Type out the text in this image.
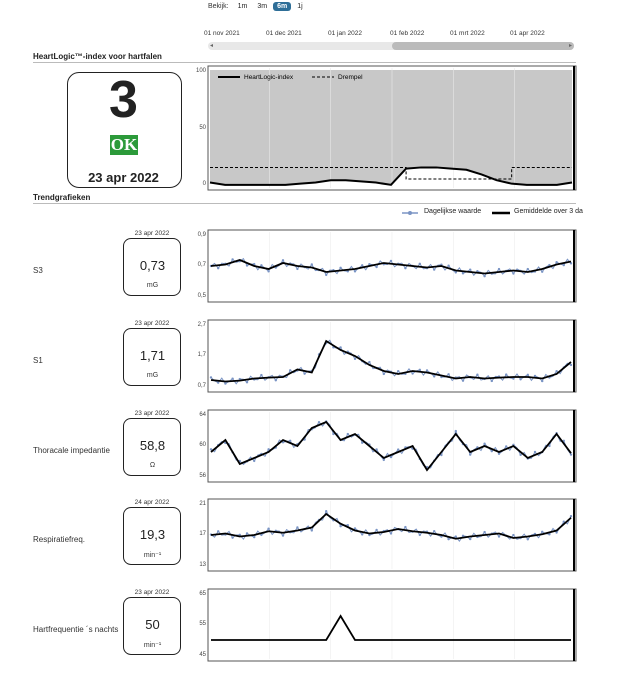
Bekijk:	1m	3m	6m	1j
01 nov 2021	01 dec 2021	01 jan 2022	01 feb 2022	01 mrt 2022	01 apr 2022
◂	▸
HeartLogic™-index voor hartfalen
3
OK
23 apr 2022
100
50
0
HeartLogic-index	Drempel
Trendgrafieken
Dagelijkse waarde	Gemiddelde over 3 da
23 apr 2022
0,73
mG
S3
0,9
0,7
0,5
23 apr 2022
1,71
mG
S1
2,7
1,7
0,7
23 apr 2022
58,8
Ω
Thoracale impedantie
64
60
56
24 apr 2022
19,3
min⁻¹
Respiratiefreq.
21
17
13
23 apr 2022
50
min⁻¹
Hartfrequentie ´s nachts
65
55
45
